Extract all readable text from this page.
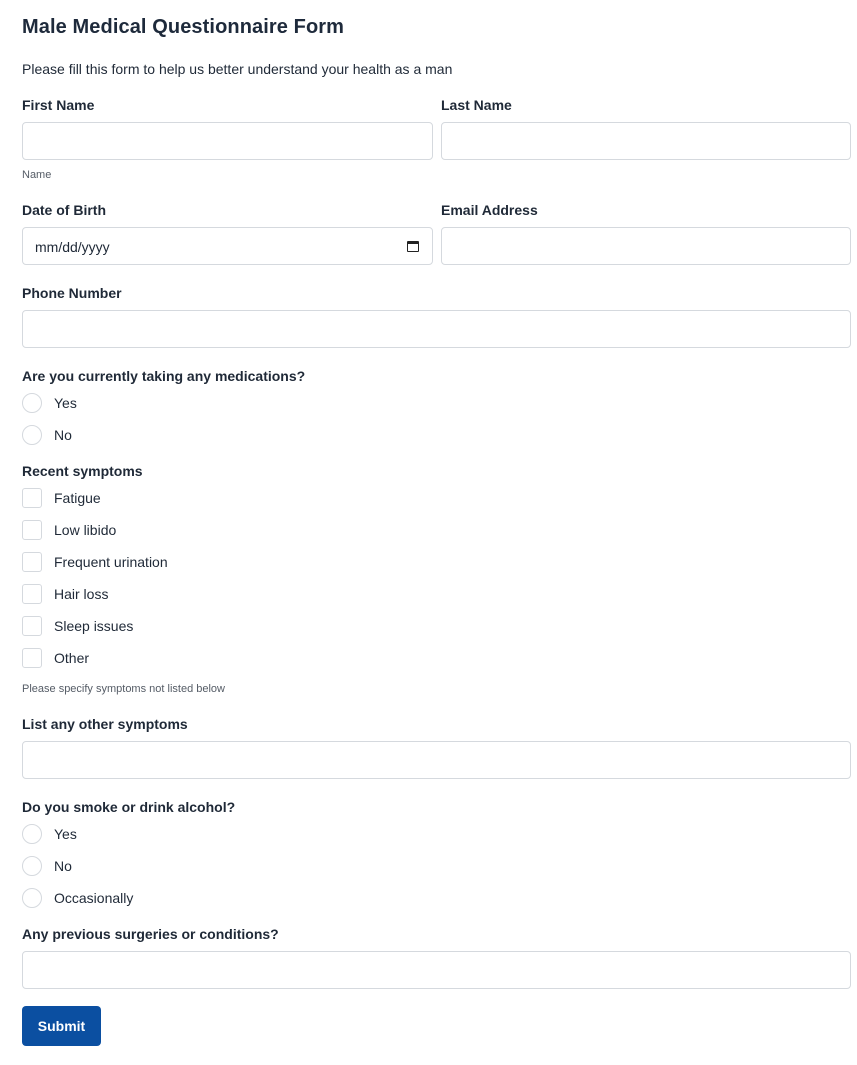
Male Medical Questionnaire Form
Please fill this form to help us better understand your health as a man
First Name	Last Name
Name
Date of Birth	Email Address
mm/dd/yyyy
Phone Number
Are you currently taking any medications?
Yes
No
Recent symptoms
Fatigue
Low libido
Frequent urination
Hair loss
Sleep issues
Other
Please specify symptoms not listed below
List any other symptoms
Do you smoke or drink alcohol?
Yes
No
Occasionally
Any previous surgeries or conditions?
Submit
